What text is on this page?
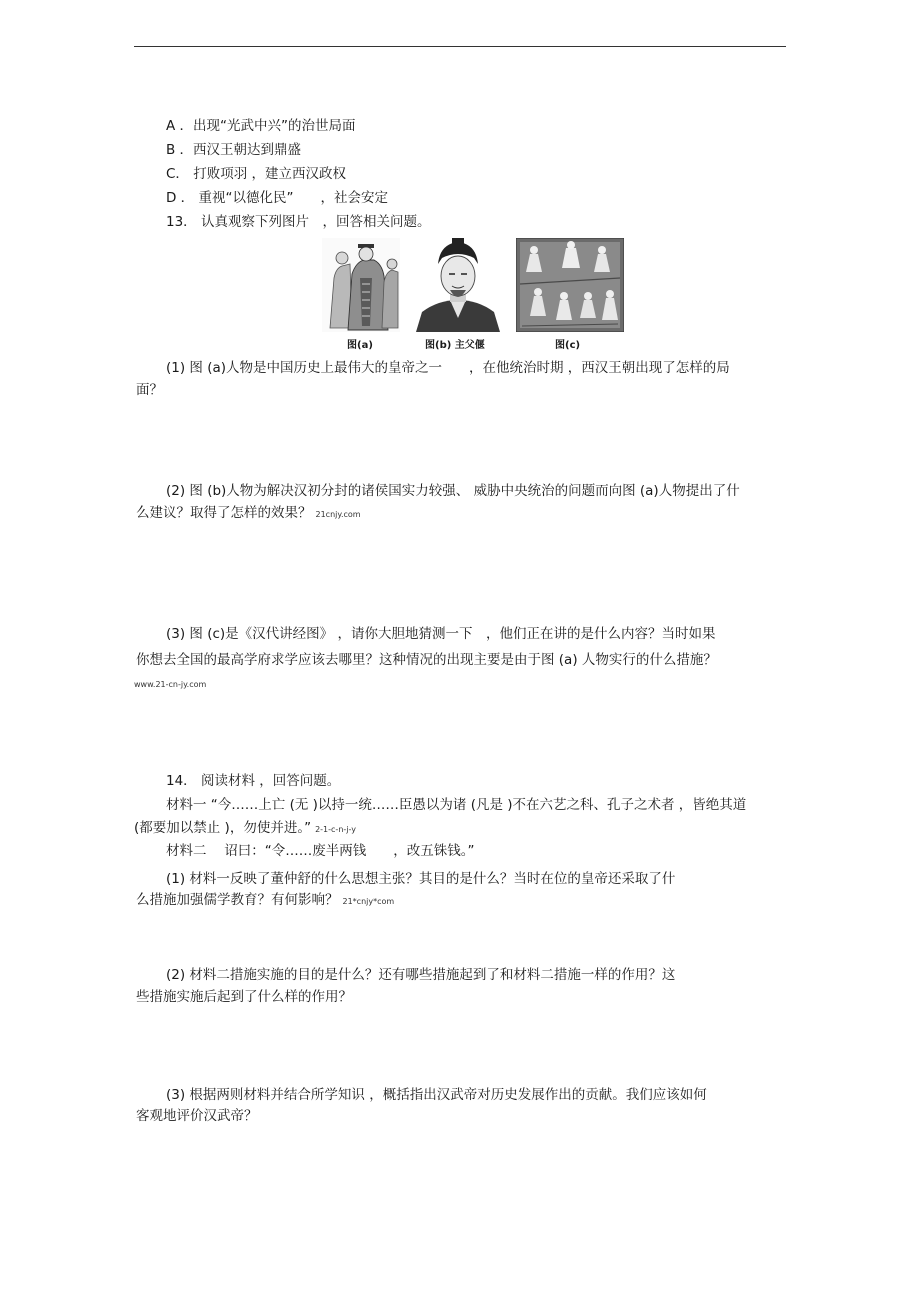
A ．出现“光武中兴”的治世局面
B ．西汉王朝达到鼎盛
C． 打败项羽 ，建立西汉政权
D ． 重视“以德化民”　　，社会安定
13． 认真观察下列图片　，回答相关问题。
图(a)	图(b) 主父偃	图(c)
(1) 图 (a)人物是中国历史上最伟大的皇帝之一　　，在他统治时期 ，西汉王朝出现了怎样的局
面？
(2) 图 (b)人物为解决汉初分封的诸侯国实力较强、 威胁中央统治的问题而向图 (a)人物提出了什
么建议？取得了怎样的效果？ 21cnjy.com
(3) 图 (c)是《汉代讲经图》 ，请你大胆地猜测一下　，他们正在讲的是什么内容？当时如果
你想去全国的最高学府求学应该去哪里？这种情况的出现主要是由于图 (a) 人物实行的什么措施？
www.21-cn-jy.com
14． 阅读材料 ，回答问题。
材料一 “今……上亡 (无 )以持一统……臣愚以为诸 (凡是 )不在六艺之科、孔子之术者 ，皆绝其道
(都要加以禁止 )，勿使并进。” 2-1-c-n-j-y
材料二　 诏曰：“令……废半两钱　　，改五铢钱。”
(1) 材料一反映了董仲舒的什么思想主张？其目的是什么？当时在位的皇帝还采取了什
么措施加强儒学教育？有何影响？ 21*cnjy*com
(2) 材料二措施实施的目的是什么？还有哪些措施起到了和材料二措施一样的作用？这
些措施实施后起到了什么样的作用？
(3) 根据两则材料并结合所学知识 ，概括指出汉武帝对历史发展作出的贡献。我们应该如何
客观地评价汉武帝？
